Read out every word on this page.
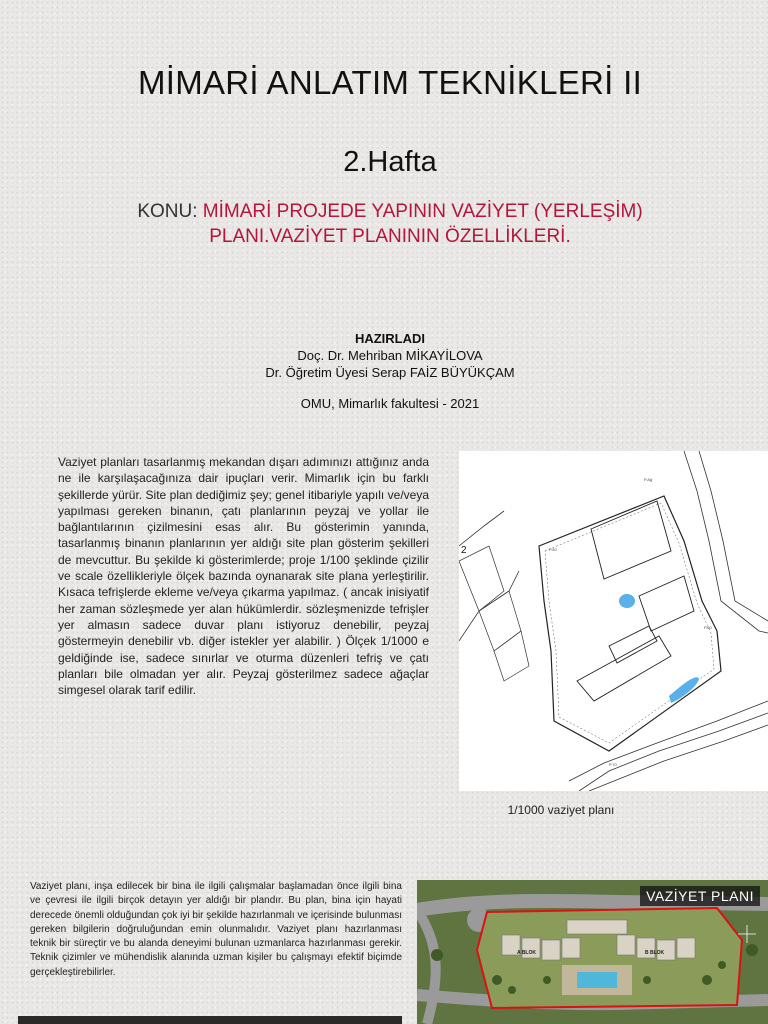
MİMARİ ANLATIM TEKNİKLERİ II
2.Hafta
KONU: MİMARİ PROJEDE YAPININ VAZİYET (YERLEŞİM)
PLANI.VAZİYET PLANININ ÖZELLİKLERİ.
HAZIRLADI
Doç. Dr. Mehriban MİKAYİLOVA
Dr. Öğretim Üyesi Serap FAİZ BÜYÜKÇAM
OMU, Mimarlık fakultesi - 2021
Vaziyet planları tasarlanmış mekandan dışarı adımınızı attığınız anda ne ile karşılaşacağınıza dair ipuçları verir. Mimarlık için bu farklı şekillerde yürür. Site plan dediğimiz şey; genel itibariyle yapılı ve/veya yapılması gereken binanın, çatı planlarının peyzaj ve yollar ile bağlantılarının çizilmesini esas alır. Bu gösterimin yanında, tasarlanmış binanın planlarının yer aldığı site plan gösterim şekilleri de mevcuttur. Bu şekilde ki gösterimlerde; proje 1/100 şeklinde çizilir ve scale özellikleriyle ölçek bazında oynanarak site plana yerleştirilir. Kısaca tefrişlerde ekleme ve/veya çıkarma yapılmaz. ( ancak inisiyatif her zaman sözleşmede yer alan hükümlerdir. sözleşmenizde tefrişler yer almasın sadece duvar planı istiyoruz denebilir, peyzaj göstermeyin denebilir vb. diğer istekler yer alabilir. ) Ölçek 1/1000 e geldiğinde ise, sadece sınırlar ve oturma düzenleri tefriş ve çatı planları bile olmadan yer alır. Peyzaj gösterilmez sadece ağaçlar simgesel olarak tarif edilir.
P.Ağ
P.50
P.60
P.70
2
1/1000 vaziyet planı
Vaziyet planı, inşa edilecek bir bina ile ilgili çalışmalar başlamadan önce ilgili bina ve çevresi ile ilgili birçok detayın yer aldığı bir plandır. Bu plan, bina için hayati derecede önemli olduğundan çok iyi bir şekilde hazırlanmalı ve içerisinde bulunması gereken bilgilerin doğruluğundan emin olunmalıdır. Vaziyet planı hazırlanması teknik bir süreçtir ve bu alanda deneyimi bulunan uzmanlarca hazırlanması gerekir. Teknik çizimler ve mühendislik alanında uzman kişiler bu çalışmayı efektif biçimde gerçekleştirebilirler.
A BLOK	B BLOK
VAZİYET PLANI
